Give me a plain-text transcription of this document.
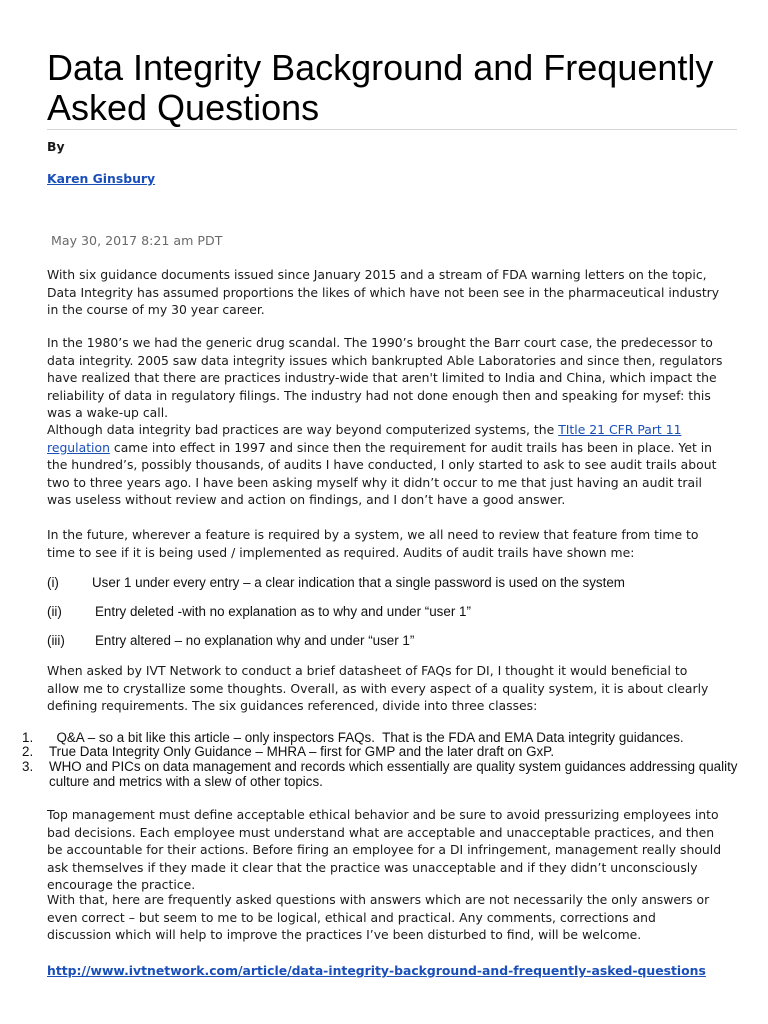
Data Integrity Background and Frequently Asked Questions
By
Karen Ginsbury
May 30, 2017 8:21 am PDT

With six guidance documents issued since January 2015 and a stream of FDA warning letters on the topic, Data Integrity has assumed proportions the likes of which have not been see in the pharmaceutical industry in the course of my 30 year career.

In the 1980’s we had the generic drug scandal. The 1990’s brought the Barr court case, the predecessor to data integrity. 2005 saw data integrity issues which bankrupted Able Laboratories and since then, regulators have realized that there are practices industry-wide that aren't limited to India and China, which impact the reliability of data in regulatory filings. The industry had not done enough then and speaking for mysef: this was a wake-up call.

Although data integrity bad practices are way beyond computerized systems, the TItle 21 CFR Part 11 regulation came into effect in 1997 and since then the requirement for audit trails has been in place. Yet in the hundred’s, possibly thousands, of audits I have conducted, I only started to ask to see audit trails about two to three years ago. I have been asking myself why it didn’t occur to me that just having an audit trail was useless without review and action on findings, and I don’t have a good answer.

In the future, wherever a feature is required by a system, we all need to review that feature from time to time to see if it is being used / implemented as required. Audits of audit trails have shown me:

(i) User 1 under every entry – a clear indication that a single password is used on the system
(ii) Entry deleted -with no explanation as to why and under “user 1”
(iii) Entry altered – no explanation why and under “user 1”

When asked by IVT Network to conduct a brief datasheet of FAQs for DI, I thought it would beneficial to allow me to crystallize some thoughts. Overall, as with every aspect of a quality system, it is about clearly defining requirements. The six guidances referenced, divide into three classes:

1. Q&A – so a bit like this article – only inspectors FAQs.  That is the FDA and EMA Data integrity guidances.
2. True Data Integrity Only Guidance – MHRA – first for GMP and the later draft on GxP.
3. WHO and PICs on data management and records which essentially are quality system guidances addressing quality culture and metrics with a slew of other topics.

Top management must define acceptable ethical behavior and be sure to avoid pressurizing employees into bad decisions. Each employee must understand what are acceptable and unacceptable practices, and then be accountable for their actions. Before firing an employee for a DI infringement, management really should ask themselves if they made it clear that the practice was unacceptable and if they didn’t unconsciously encourage the practice.

With that, here are frequently asked questions with answers which are not necessarily the only answers or even correct – but seem to me to be logical, ethical and practical. Any comments, corrections and discussion which will help to improve the practices I’ve been disturbed to find, will be welcome.

http://www.ivtnetwork.com/article/data-integrity-background-and-frequently-asked-questions
